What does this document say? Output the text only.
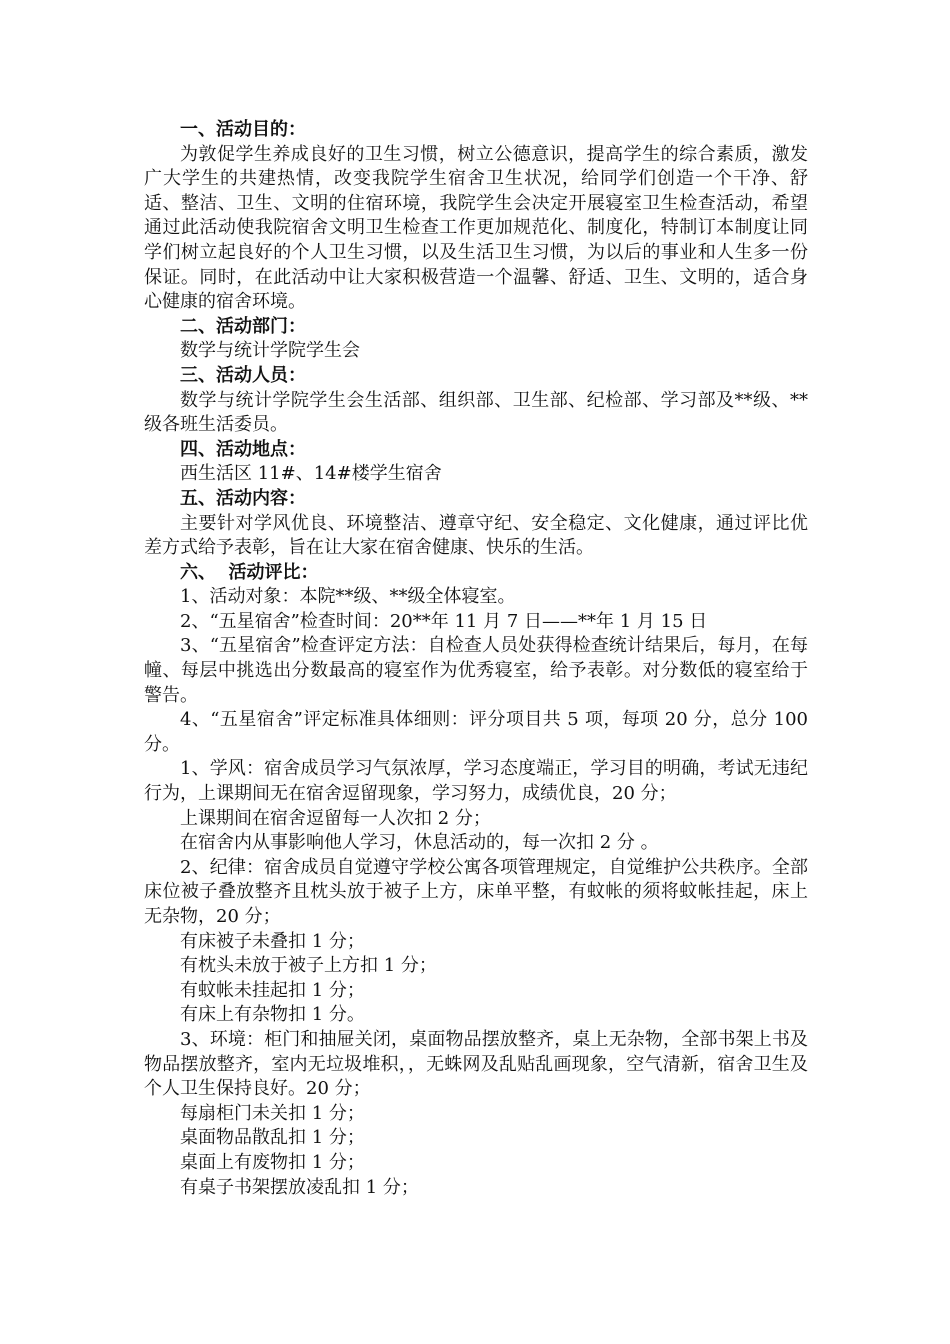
一、活动目的：
为敦促学生养成良好的卫生习惯，树立公德意识，提高学生的综合素质，激发广大学生的共建热情，改变我院学生宿舍卫生状况，给同学们创造一个干净、舒适、整洁、卫生、文明的住宿环境，我院学生会决定开展寝室卫生检查活动，希望通过此活动使我院宿舍文明卫生检查工作更加规范化、制度化，特制订本制度让同学们树立起良好的个人卫生习惯，以及生活卫生习惯，为以后的事业和人生多一份保证。同时，在此活动中让大家积极营造一个温馨、舒适、卫生、文明的，适合身心健康的宿舍环境。
二、活动部门：
数学与统计学院学生会
三、活动人员：
数学与统计学院学生会生活部、组织部、卫生部、纪检部、学习部及**级、**级各班生活委员。
四、活动地点：
西生活区 11#、14#楼学生宿舍
五、活动内容：
主要针对学风优良、环境整洁、遵章守纪、安全稳定、文化健康，通过评比优差方式给予表彰，旨在让大家在宿舍健康、快乐的生活。
六、  活动评比：
1、活动对象：本院**级、**级全体寝室。
2、“五星宿舍”检查时间：20**年 11 月 7 日——**年 1 月 15 日
3、“五星宿舍”检查评定方法：自检查人员处获得检查统计结果后，每月，在每幢、每层中挑选出分数最高的寝室作为优秀寝室，给予表彰。对分数低的寝室给于警告。
4、“五星宿舍”评定标准具体细则：评分项目共 5 项，每项 20 分，总分 100 分。
1、学风：宿舍成员学习气氛浓厚，学习态度端正，学习目的明确，考试无违纪行为，上课期间无在宿舍逗留现象，学习努力，成绩优良，20 分；
上课期间在宿舍逗留每一人次扣 2 分；
在宿舍内从事影响他人学习，休息活动的，每一次扣 2 分 。
2、纪律：宿舍成员自觉遵守学校公寓各项管理规定，自觉维护公共秩序。全部床位被子叠放整齐且枕头放于被子上方，床单平整，有蚊帐的须将蚊帐挂起，床上无杂物，20 分；
有床被子未叠扣 1 分；
有枕头未放于被子上方扣 1 分；
有蚊帐未挂起扣 1 分；
有床上有杂物扣 1 分。
3、环境：柜门和抽屉关闭，桌面物品摆放整齐，桌上无杂物，全部书架上书及物品摆放整齐，室内无垃圾堆积，，无蛛网及乱贴乱画现象，空气清新，宿舍卫生及个人卫生保持良好。20 分；
每扇柜门未关扣 1 分；
桌面物品散乱扣 1 分；
桌面上有废物扣 1 分；
有桌子书架摆放凌乱扣 1 分；
